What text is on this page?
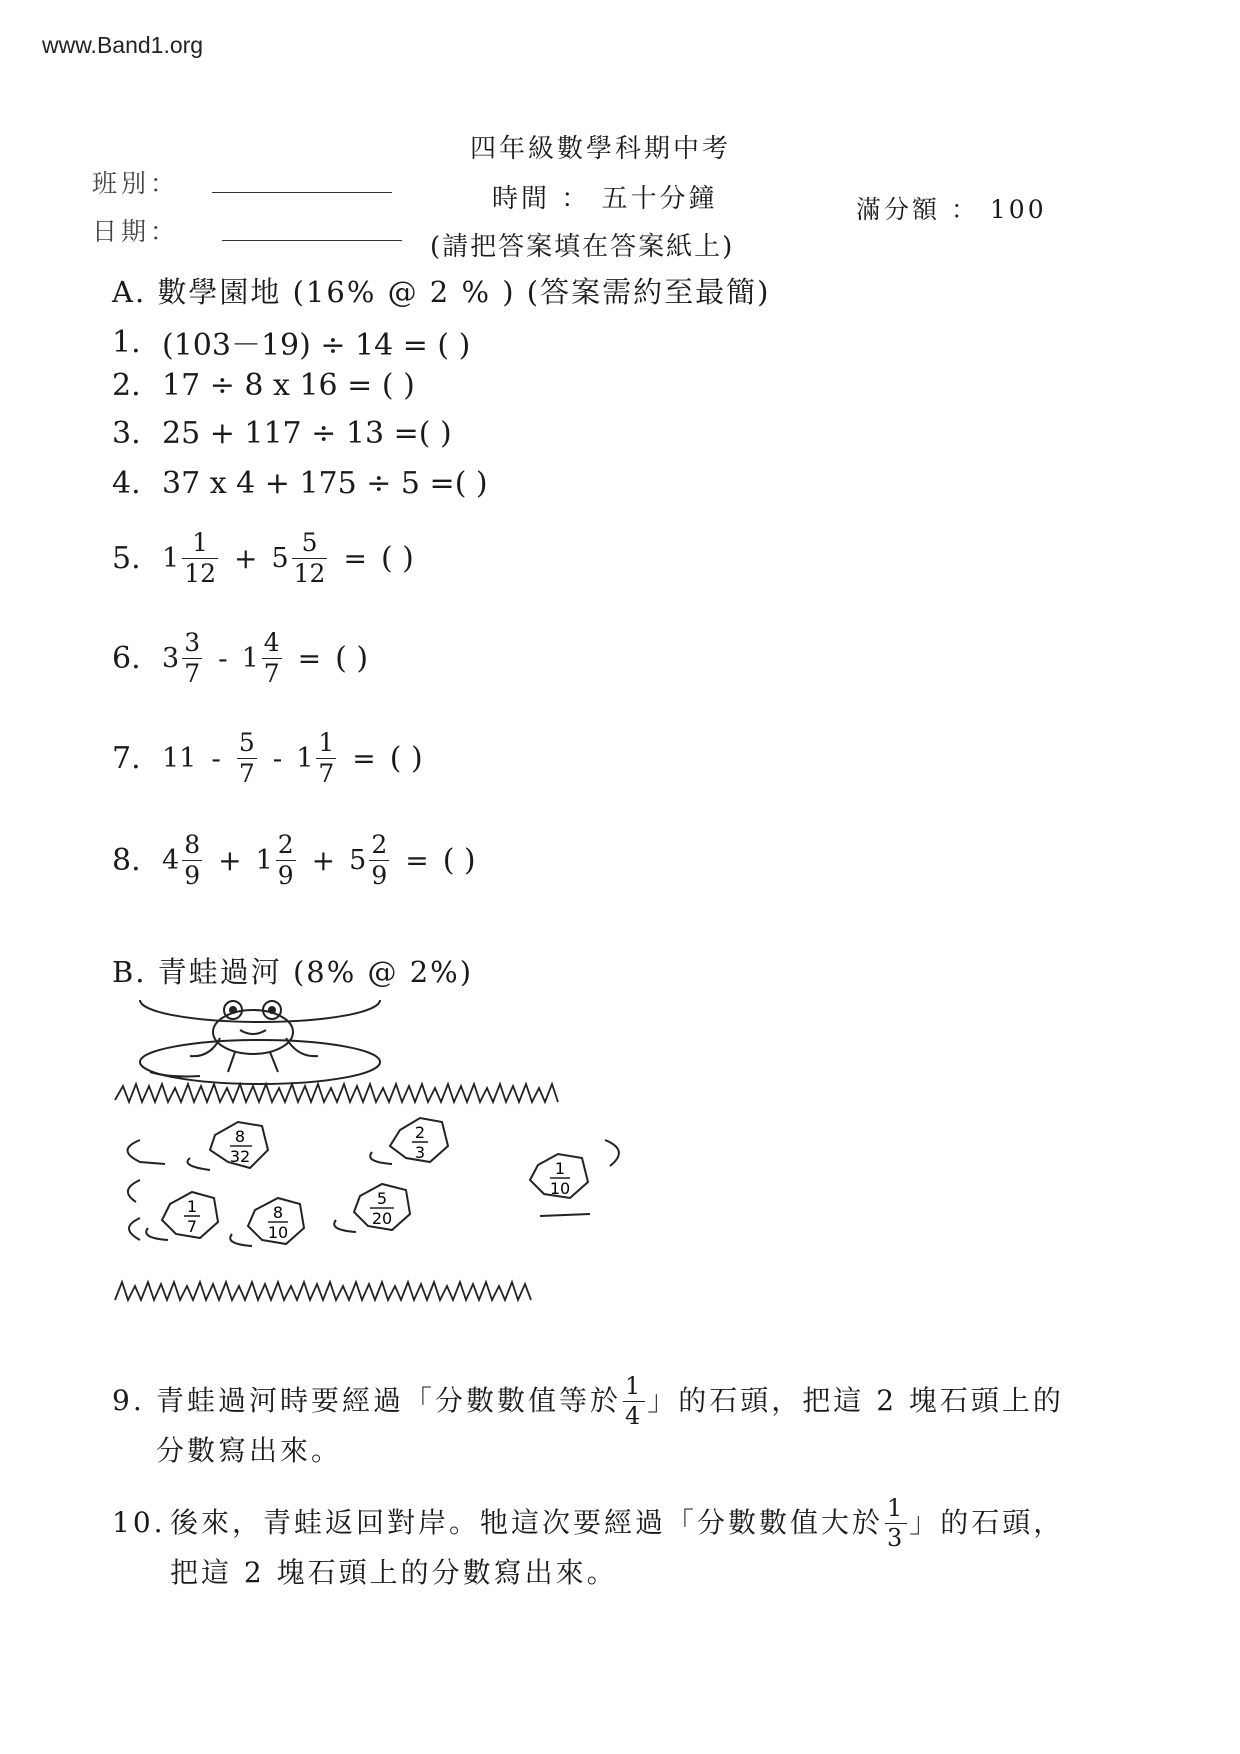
www.Band1.org
四年級數學科期中考
班別：
日期：
時間 ： 五十分鐘	滿分額 ： 100
(請把答案填在答案紙上)
A. 數學園地 (16% @ 2 % ) (答案需約至最簡)
1. (103－19) ÷ 14 = ( )
2. 17 ÷ 8 x 16 = ( )
3. 25 + 117 ÷ 13 =( )
4. 37 x 4 + 175 ÷ 5 =( )
5. $1 \frac{1}{12} + 5 \frac{5}{12}$ = ( )
6. $3 \frac{3}{7} - 1 \frac{4}{7}$ = ( )
7. $11 - \frac{5}{7} - 1 \frac{1}{7}$ = ( )
8. $4 \frac{8}{9} + 1 \frac{2}{9} + 5 \frac{2}{9}$ = ( )
B. 青蛙過河 (8% @ 2%)
8
32
2
3
1
10
1
7
8
10
5
20
9. 青蛙過河時要經過「分數數值等於 $\frac{1}{4}$ 」的石頭，把這 2 塊石頭上的
分數寫出來。
10. 後來，青蛙返回對岸。牠這次要經過「分數數值大於 $\frac{1}{3}$ 」的石頭，
把這 2 塊石頭上的分數寫出來。
